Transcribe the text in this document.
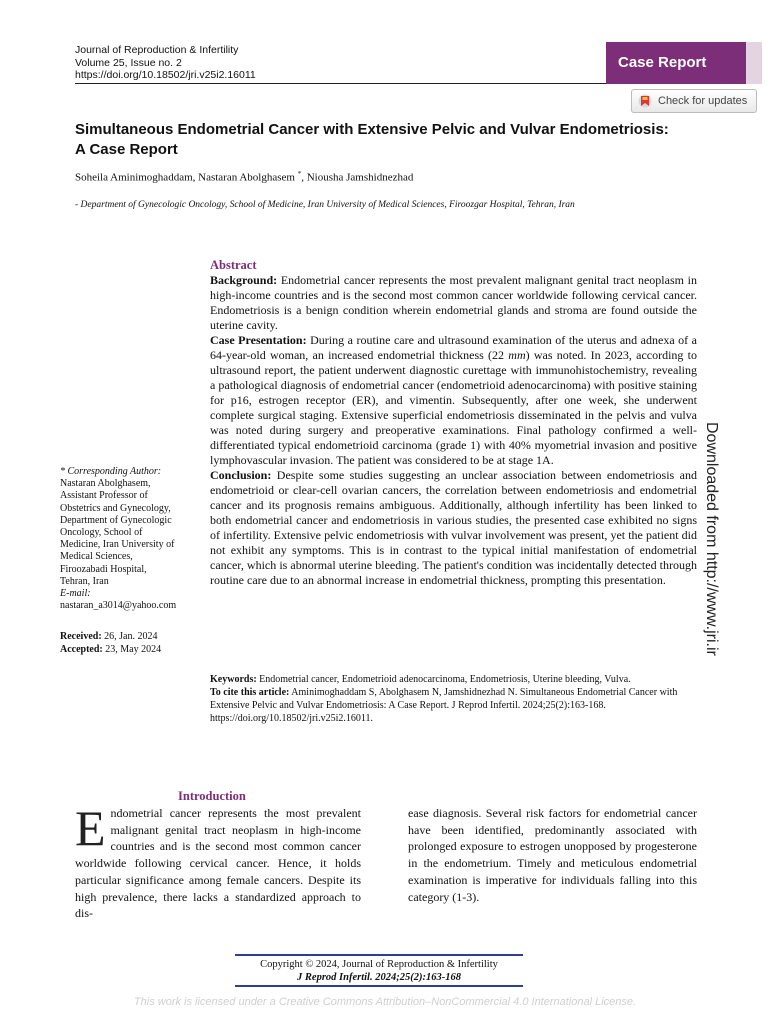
Journal of Reproduction & Infertility
Volume 25, Issue no. 2
https://doi.org/10.18502/jri.v25i2.16011
Case Report
Check for updates
Simultaneous Endometrial Cancer with Extensive Pelvic and Vulvar Endometriosis: A Case Report
Soheila Aminimoghaddam, Nastaran Abolghasem *, Niousha Jamshidnezhad
- Department of Gynecologic Oncology, School of Medicine, Iran University of Medical Sciences, Firoozgar Hospital, Tehran, Iran
* Corresponding Author:
Nastaran Abolghasem,
Assistant Professor of
Obstetrics and Gynecology,
Department of Gynecologic
Oncology, School of
Medicine, Iran University of
Medical Sciences,
Firoozabadi Hospital,
Tehran, Iran
E-mail:
nastaran_a3014@yahoo.com
Received: 26, Jan. 2024
Accepted: 23, May 2024
Abstract

Background: Endometrial cancer represents the most prevalent malignant genital tract neoplasm in high-income countries and is the second most common cancer worldwide following cervical cancer. Endometriosis is a benign condition wherein endometrial glands and stroma are found outside the uterine cavity.

Case Presentation: During a routine care and ultrasound examination of the uterus and adnexa of a 64-year-old woman, an increased endometrial thickness (22 mm) was noted. In 2023, according to ultrasound report, the patient underwent diagnostic curettage with immunohistochemistry, revealing a pathological diagnosis of endometrial cancer (endometrioid adenocarcinoma) with positive staining for p16, estrogen receptor (ER), and vimentin. Subsequently, after one week, she underwent complete surgical staging. Extensive superficial endometriosis disseminated in the pelvis and vulva was noted during surgery and preoperative examinations. Final pathology confirmed a well-differentiated typical endometrioid carcinoma (grade 1) with 40% myometrial invasion and positive lymphovascular invasion. The patient was considered to be at stage 1A.

Conclusion: Despite some studies suggesting an unclear association between endometriosis and endometrioid or clear-cell ovarian cancers, the correlation between endometriosis and endometrial cancer and its prognosis remains ambiguous. Additionally, although infertility has been linked to both endometrial cancer and endometriosis in various studies, the presented case exhibited no signs of infertility. Extensive pelvic endometriosis with vulvar involvement was present, yet the patient did not exhibit any symptoms. This is in contrast to the typical initial manifestation of endometrial cancer, which is abnormal uterine bleeding. The patient's condition was incidentally detected through routine care due to an abnormal increase in endometrial thickness, prompting this presentation.

Keywords: Endometrial cancer, Endometrioid adenocarcinoma, Endometriosis, Uterine bleeding, Vulva.

To cite this article: Aminimoghaddam S, Abolghasem N, Jamshidnezhad N. Simultaneous Endometrial Cancer with Extensive Pelvic and Vulvar Endometriosis: A Case Report. J Reprod Infertil. 2024;25(2):163-168. https://doi.org/10.18502/jri.v25i2.16011.

Downloaded from http://www.jri.ir
Introduction
E ndometrial cancer represents the most prevalent malignant genital tract neoplasm in high-income countries and is the second most common cancer worldwide following cervical cancer. Hence, it holds particular significance among female cancers. Despite its high prevalence, there lacks a standardized approach to dis-

ease diagnosis. Several risk factors for endometrial cancer have been identified, predominantly associated with prolonged exposure to estrogen unopposed by progesterone in the endometrium. Timely and meticulous endometrial examination is imperative for individuals falling into this category (1-3).

Copyright © 2024, Journal of Reproduction & Infertility
J Reprod Infertil. 2024;25(2):163-168
This work is licensed under a Creative Commons Attribution–NonCommercial 4.0 International License.
